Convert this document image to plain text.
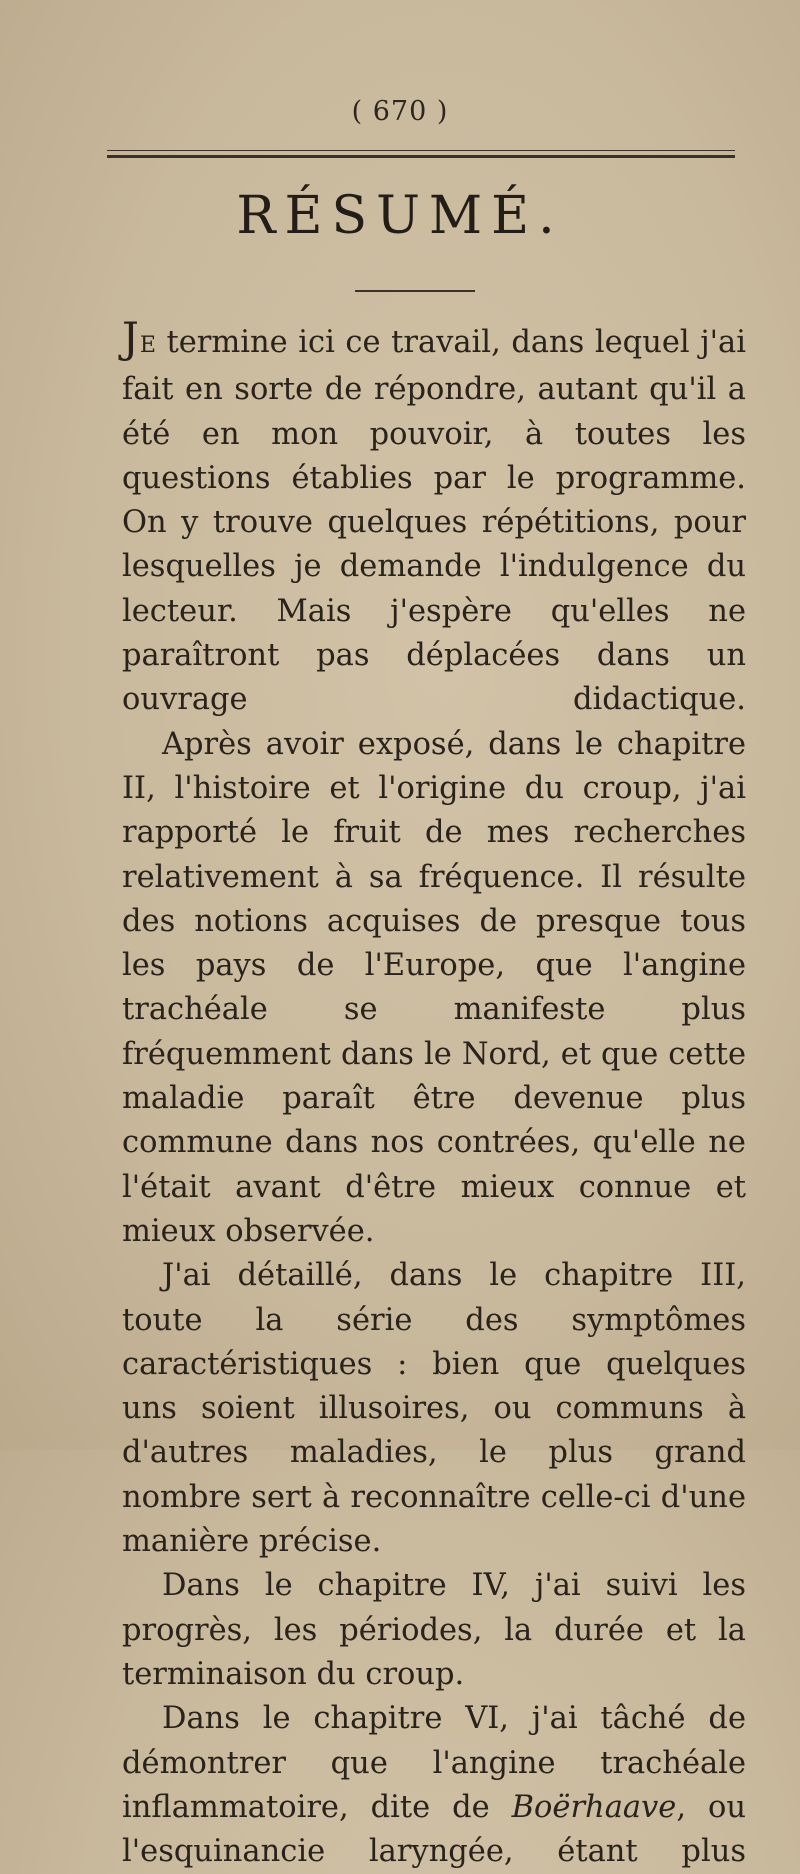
( 670 )
RÉSUMÉ.

JE termine ici ce travail, dans lequel j'ai fait en sorte de répondre, autant qu'il a été en mon pouvoir, à toutes les questions établies par le programme. On y trouve quelques répétitions, pour lesquelles je demande l'indulgence du lecteur. Mais j'espère qu'elles ne paraîtront pas déplacées dans un ouvrage didactique.

Après avoir exposé, dans le chapitre II, l'histoire et l'origine du croup, j'ai rapporté le fruit de mes recherches relativement à sa fréquence. Il résulte des notions acquises de presque tous les pays de l'Europe, que l'angine trachéale se manifeste plus fréquemment dans le Nord, et que cette maladie paraît être devenue plus commune dans nos contrées, qu'elle ne l'était avant d'être mieux connue et mieux observée.

J'ai détaillé, dans le chapitre III, toute la série des symptômes caractéristiques : bien que quelques uns soient illusoires, ou communs à d'autres maladies, le plus grand nombre sert à reconnaître celle-ci d'une manière précise.

Dans le chapitre IV, j'ai suivi les progrès, les périodes, la durée et la terminaison du croup.

Dans le chapitre VI, j'ai tâché de démontrer que l'angine trachéale inflammatoire, dite de Boërhaave, ou l'esquinancie laryngée, étant plus
